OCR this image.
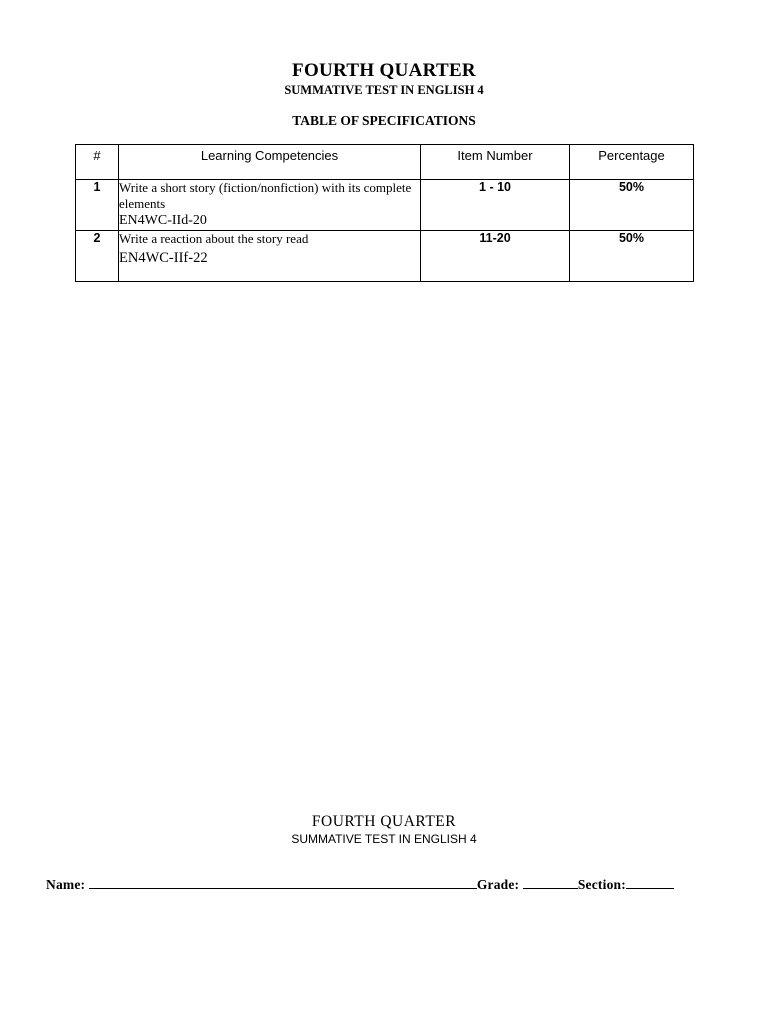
FOURTH QUARTER
SUMMATIVE TEST IN ENGLISH 4
TABLE OF SPECIFICATIONS
#	Learning Competencies	Item Number	Percentage
1	Write a short story (fiction/nonfiction) with its complete elements
EN4WC-IId-20	1 - 10	50%
2	Write a reaction about the story read
EN4WC-IIf-22	11-20	50%
FOURTH QUARTER
SUMMATIVE TEST IN ENGLISH 4
Name:	Grade:	Section:
